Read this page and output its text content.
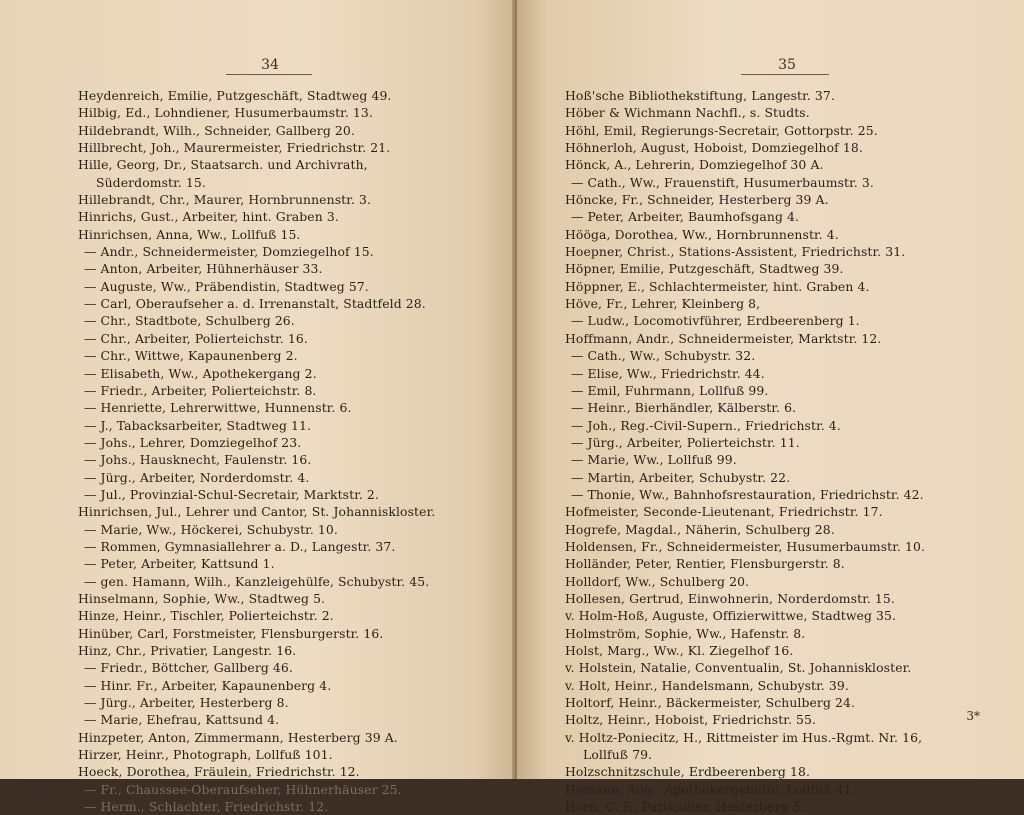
34
Heydenreich, Emilie, Putzgeschäft, Stadtweg 49.
Hilbig, Ed., Lohndiener, Husumerbaumstr. 13.
Hildebrandt, Wilh., Schneider, Gallberg 20.
Hillbrecht, Joh., Maurermeister, Friedrichstr. 21.
Hille, Georg, Dr., Staatsarch. und Archivrath,
Süderdomstr. 15.
Hillebrandt, Chr., Maurer, Hornbrunnenstr. 3.
Hinrichs, Gust., Arbeiter, hint. Graben 3.
Hinrichsen, Anna, Ww., Lollfuß 15.
— Andr., Schneidermeister, Domziegelhof 15.
— Anton, Arbeiter, Hühnerhäuser 33.
— Auguste, Ww., Präbendistin, Stadtweg 57.
— Carl, Oberaufseher a. d. Irrenanstalt, Stadtfeld 28.
— Chr., Stadtbote, Schulberg 26.
— Chr., Arbeiter, Polierteichstr. 16.
— Chr., Wittwe, Kapaunenberg 2.
— Elisabeth, Ww., Apothekergang 2.
— Friedr., Arbeiter, Polierteichstr. 8.
— Henriette, Lehrerwittwe, Hunnenstr. 6.
— J., Tabacksarbeiter, Stadtweg 11.
— Johs., Lehrer, Domziegelhof 23.
— Johs., Hausknecht, Faulenstr. 16.
— Jürg., Arbeiter, Norderdomstr. 4.
— Jul., Provinzial-Schul-Secretair, Marktstr. 2.
Hinrichsen, Jul., Lehrer und Cantor, St. Johanniskloster.
— Marie, Ww., Höckerei, Schubystr. 10.
— Rommen, Gymnasiallehrer a. D., Langestr. 37.
— Peter, Arbeiter, Kattsund 1.
— gen. Hamann, Wilh., Kanzleigehülfe, Schubystr. 45.
Hinselmann, Sophie, Ww., Stadtweg 5.
Hinze, Heinr., Tischler, Polierteichstr. 2.
Hinüber, Carl, Forstmeister, Flensburgerstr. 16.
Hinz, Chr., Privatier, Langestr. 16.
— Friedr., Böttcher, Gallberg 46.
— Hinr. Fr., Arbeiter, Kapaunenberg 4.
— Jürg., Arbeiter, Hesterberg 8.
— Marie, Ehefrau, Kattsund 4.
Hinzpeter, Anton, Zimmermann, Hesterberg 39 A.
Hirzer, Heinr., Photograph, Lollfuß 101.
Hoeck, Dorothea, Fräulein, Friedrichstr. 12.
— Fr., Chaussee-Oberaufseher, Hühnerhäuser 25.
— Herm., Schlachter, Friedrichstr. 12.
35
Hoß'sche Bibliothekstiftung, Langestr. 37.
Höber & Wichmann Nachfl., s. Studts.
Höhl, Emil, Regierungs-Secretair, Gottorpstr. 25.
Höhnerloh, August, Hoboist, Domziegelhof 18.
Hönck, A., Lehrerin, Domziegelhof 30 A.
— Cath., Ww., Frauenstift, Husumerbaumstr. 3.
Höncke, Fr., Schneider, Hesterberg 39 A.
— Peter, Arbeiter, Baumhofsgang 4.
Hööga, Dorothea, Ww., Hornbrunnenstr. 4.
Hoepner, Christ., Stations-Assistent, Friedrichstr. 31.
Höpner, Emilie, Putzgeschäft, Stadtweg 39.
Höppner, E., Schlachtermeister, hint. Graben 4.
Höve, Fr., Lehrer, Kleinberg 8,
— Ludw., Locomotivführer, Erdbeerenberg 1.
Hoffmann, Andr., Schneidermeister, Marktstr. 12.
— Cath., Ww., Schubystr. 32.
— Elise, Ww., Friedrichstr. 44.
— Emil, Fuhrmann, Lollfuß 99.
— Heinr., Bierhändler, Kälberstr. 6.
— Joh., Reg.-Civil-Supern., Friedrichstr. 4.
— Jürg., Arbeiter, Polierteichstr. 11.
— Marie, Ww., Lollfuß 99.
— Martin, Arbeiter, Schubystr. 22.
— Thonie, Ww., Bahnhofsrestauration, Friedrichstr. 42.
Hofmeister, Seconde-Lieutenant, Friedrichstr. 17.
Hogrefe, Magdal., Näherin, Schulberg 28.
Holdensen, Fr., Schneidermeister, Husumerbaumstr. 10.
Holländer, Peter, Rentier, Flensburgerstr. 8.
Holldorf, Ww., Schulberg 20.
Hollesen, Gertrud, Einwohnerin, Norderdomstr. 15.
v. Holm-Hoß, Auguste, Offizierwittwe, Stadtweg 35.
Holmström, Sophie, Ww., Hafenstr. 8.
Holst, Marg., Ww., Kl. Ziegelhof 16.
v. Holstein, Natalie, Conventualin, St. Johanniskloster.
v. Holt, Heinr., Handelsmann, Schubystr. 39.
Holtorf, Heinr., Bäckermeister, Schulberg 24.
Holtz, Heinr., Hoboist, Friedrichstr. 55.
v. Holtz-Poniecitz, H., Rittmeister im Hus.-Rgmt. Nr. 16,
Lollfuß 79.
Holzschnitzschule, Erdbeerenberg 18.
Homann, Aug., Apothekergehülfe, Lollfuß 41.
Horn, C. F., Particulier, Hesterberg 5.
3*
